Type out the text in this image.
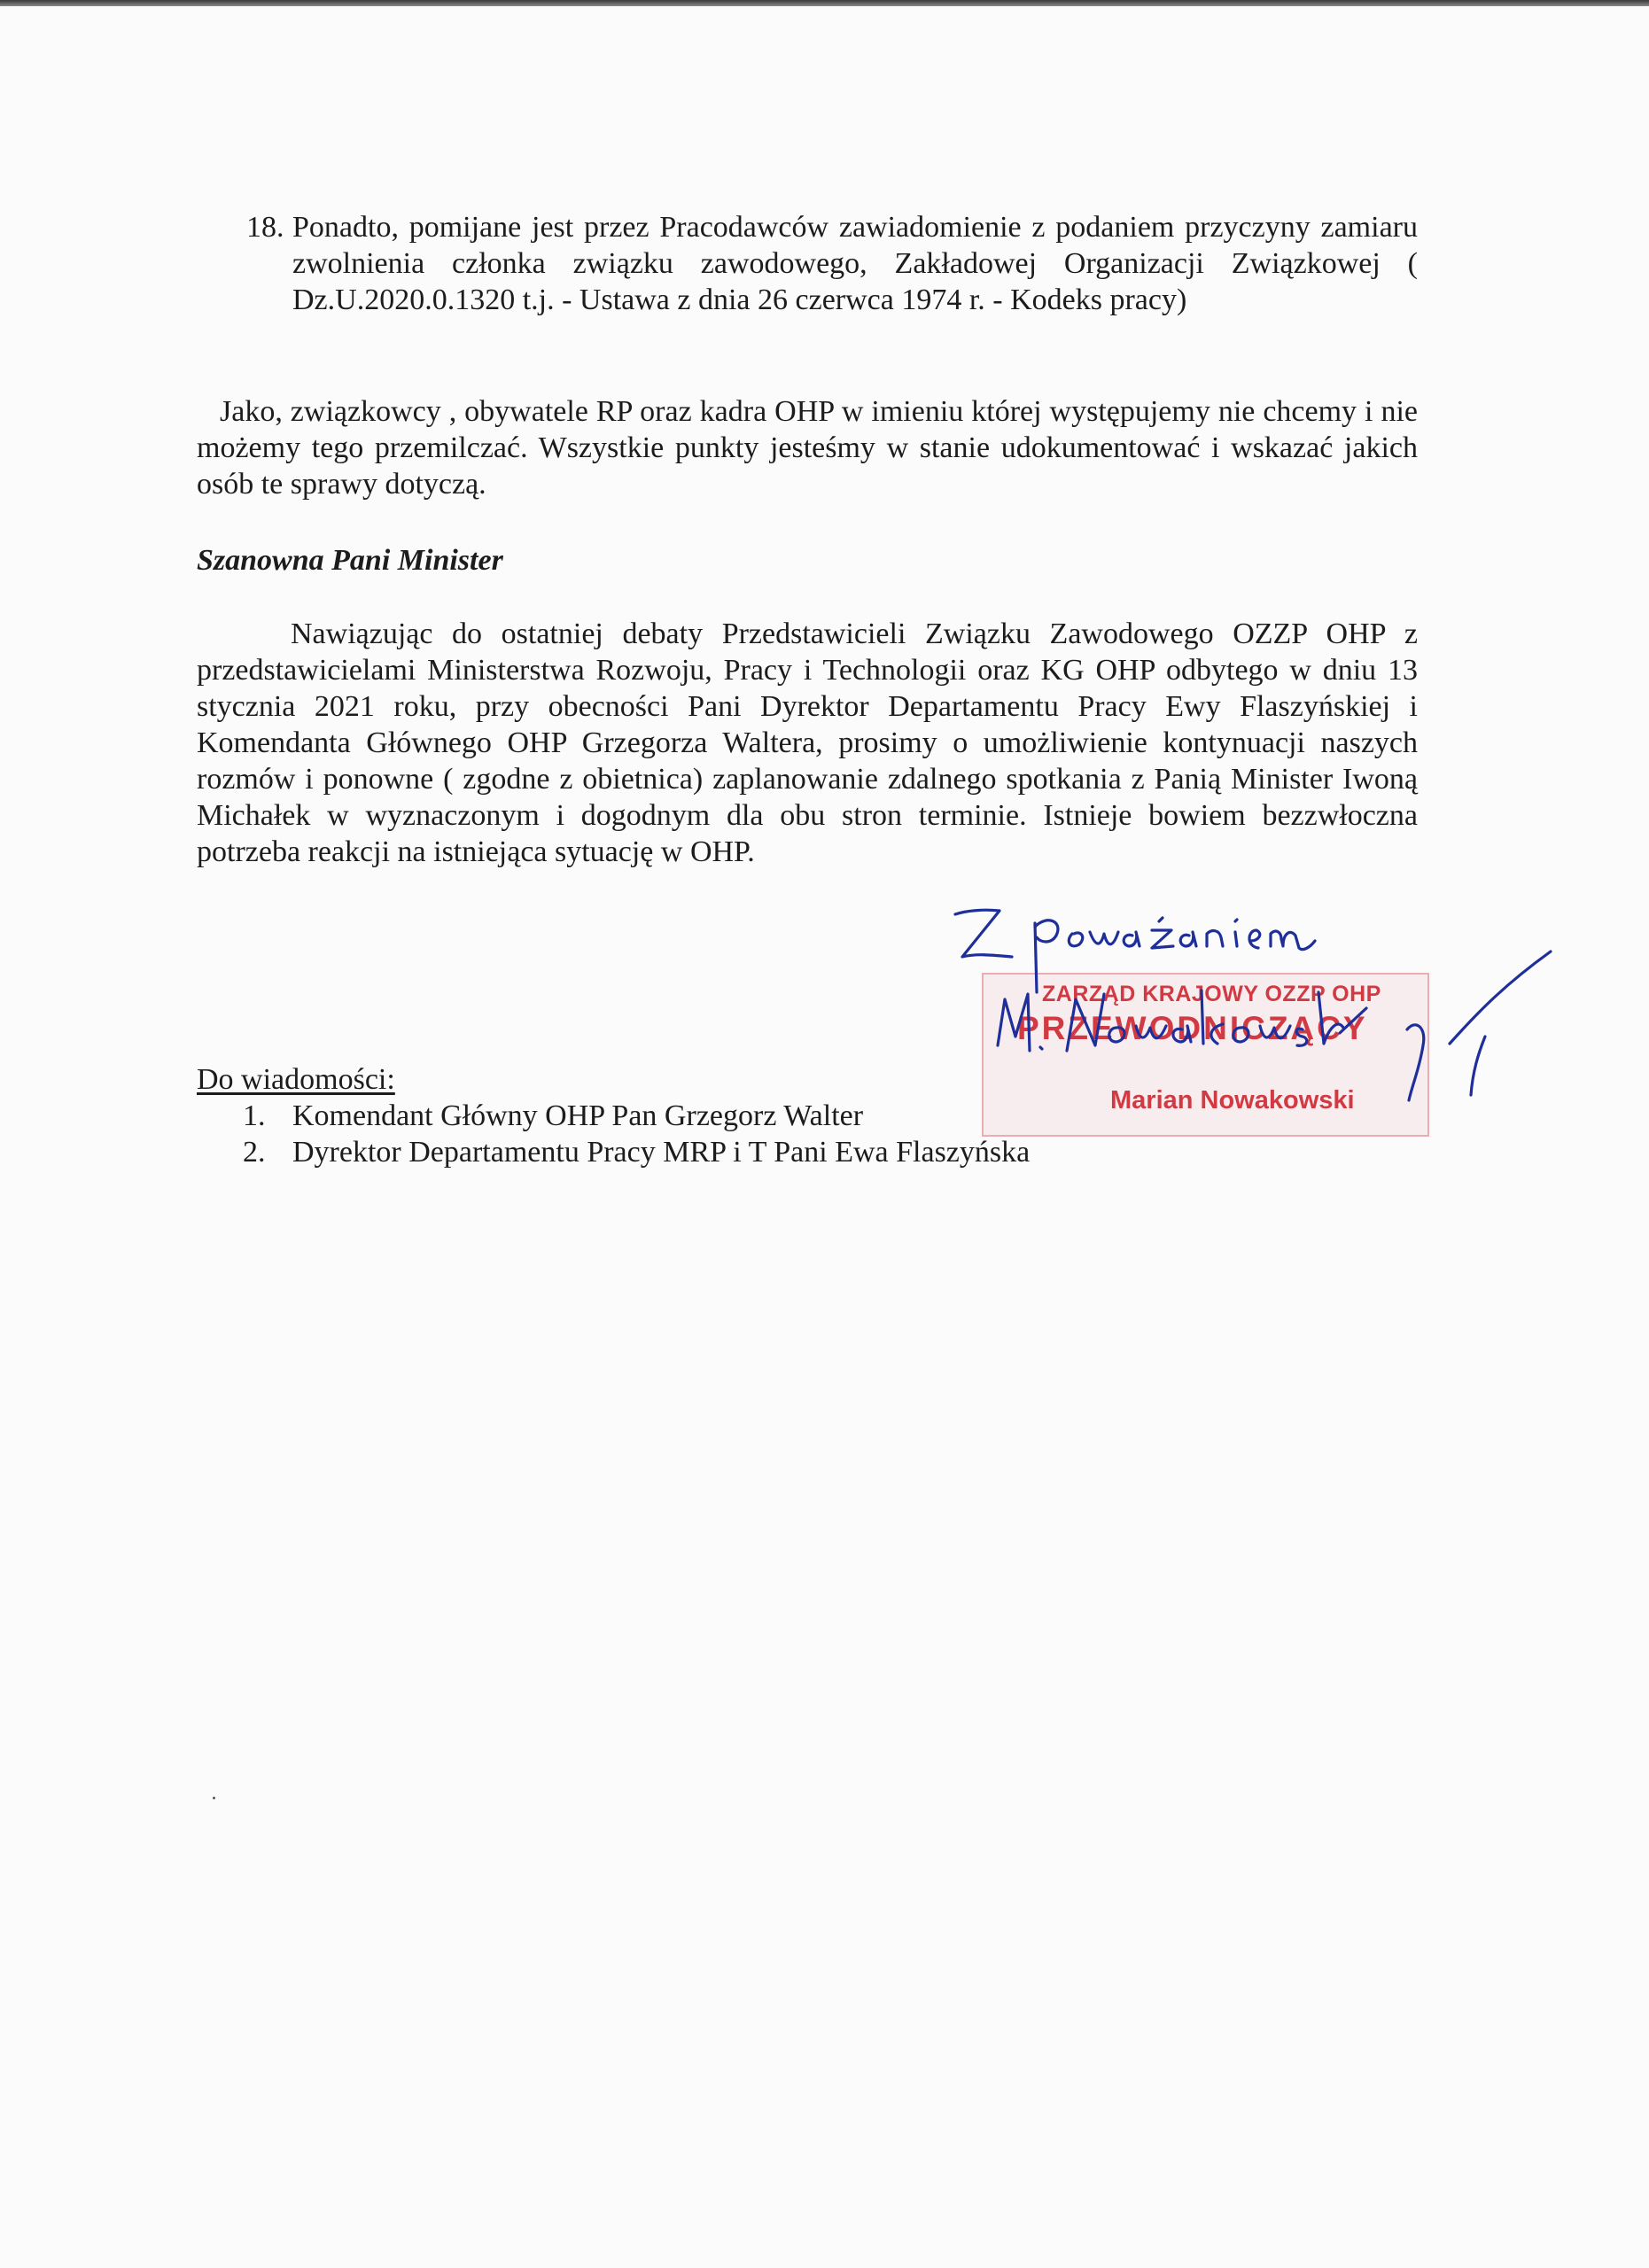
18. Ponadto, pomijane jest przez Pracodawców zawiadomienie z podaniem przyczyny zamiaru zwolnienia członka związku zawodowego, Zakładowej Organizacji Związkowej ( Dz.U.2020.0.1320 t.j. - Ustawa z dnia 26 czerwca 1974 r. - Kodeks pracy)
Jako, związkowcy , obywatele RP oraz kadra OHP w imieniu której występujemy nie chcemy i nie możemy tego przemilczać. Wszystkie punkty jesteśmy w stanie udokumentować i wskazać jakich osób te sprawy dotyczą.
Szanowna Pani Minister
Nawiązując do ostatniej debaty Przedstawicieli Związku Zawodowego OZZP OHP z przedstawicielami Ministerstwa Rozwoju, Pracy i Technologii oraz KG OHP odbytego w dniu 13 stycznia 2021 roku, przy obecności Pani Dyrektor Departamentu Pracy Ewy Flaszyńskiej i Komendanta Głównego OHP Grzegorza Waltera, prosimy o umożliwienie kontynuacji naszych rozmów i ponowne ( zgodne z obietnica) zaplanowanie zdalnego spotkania z Panią Minister Iwoną Michałek w wyznaczonym i dogodnym dla obu stron terminie. Istnieje bowiem bezzwłoczna potrzeba reakcji na istniejąca sytuację w OHP.
ZARZĄD KRAJOWY OZZP OHP
PRZEWODNICZĄCY
Marian Nowakowski
Do wiadomości:
1. Komendant Główny OHP Pan Grzegorz Walter
2. Dyrektor Departamentu Pracy MRP i T Pani Ewa Flaszyńska
